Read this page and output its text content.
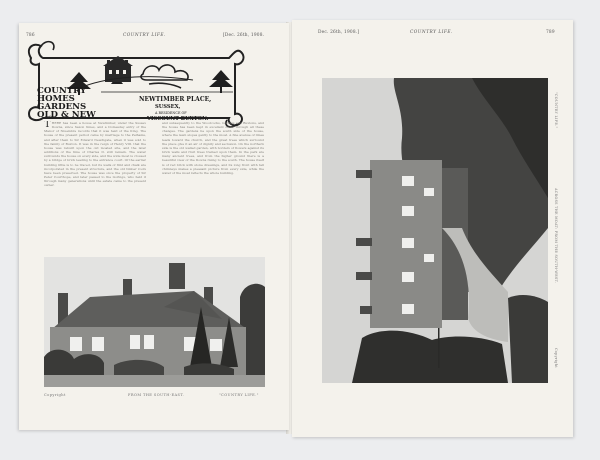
786	COUNTRY LIFE.	[Dec. 26th, 1908.
COUNTRY
HOMES
GARDENS
OLD & NEW
NEWTIMBER PLACE,
SUSSEX,
A RESIDENCE OF
VISCOUNT BUXTON.
THERE has been a house at Newtimber, under the Sussex Downs, since Saxon times, and a Domesday entry of the Manor of Niuembre records that it was held of the King. The house of the present period came by marriage to the Pelhams, and after them to Sir Edward Newdigate, when it was sold to the family of Buxton. It was in the reign of Henry VIII. that the house was rebuilt upon the old moated site, and the later additions of the time of Charles II. still remain. The water surrounds the house on every side, and the wide moat is crossed by a bridge of brick leading to the entrance court. Of the earlier building little is to be traced, but its walls of flint and chalk are incorporated in the present structure, and the old timber roofs have been preserved. The house was once the property of Sir Peter Courthope, and later passed to the Gorings, who held it through many generations until the estate came to the present owner.
and subsequently to the Woodcocks, Gorings and Buxtons, and the house has been kept in excellent order through all these changes. The gardens lie upon the south side of the house, where the lawn slopes gently to the moat. A fine avenue of limes leads toward the church, and the great trees which surround the place give it an air of dignity and seclusion. On the northern side is the old walled garden, with borders of flowers against its brick walls and fruit trees trained upon them. In the park are many ancient trees, and from the higher ground there is a beautiful view of the Downs rising to the south. The house itself is of red brick with stone dressings, and its long front with tall chimneys makes a pleasant picture from every side, while the water of the moat reflects the whole building.
Copyright	FROM THE SOUTH-EAST.	"COUNTRY LIFE."
Dec. 26th, 1908.]	COUNTRY LIFE.	789
"COUNTRY LIFE."
ACROSS THE MOAT: FROM THE SOUTH-WEST.
Copyright
